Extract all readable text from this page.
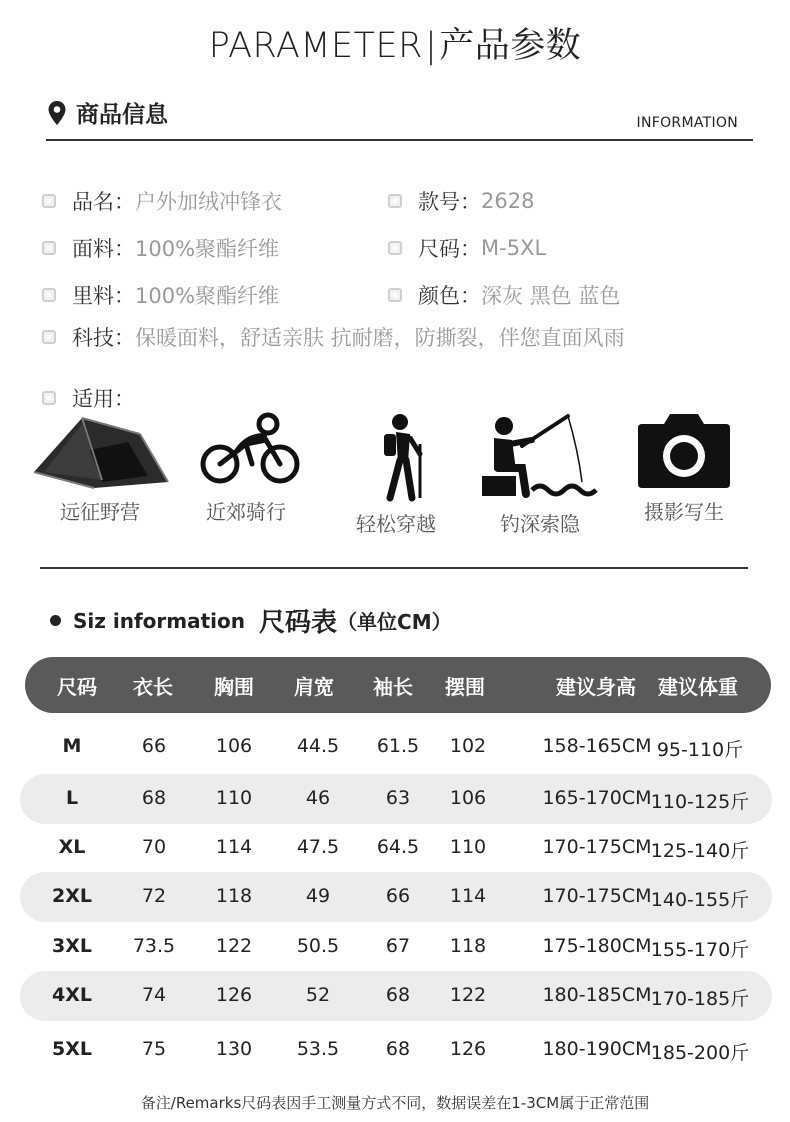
PARAMETER|产品参数
商品信息	INFORMATION
品名： 户外加绒冲锋衣	款号： 2628
面料： 100%聚酯纤维	尺码： M-5XL
里料： 100%聚酯纤维	颜色： 深灰 黑色 蓝色
科技： 保暖面料，舒适亲肤 抗耐磨，防撕裂，伴您直面风雨
适用：
远征野营	近郊骑行	轻松穿越	钓深索隐	摄影写生
Siz information 尺码表 （单位CM）
尺码	衣长	胸围	肩宽	袖长	摆围	建议身高	建议体重
M	66	106	44.5	61.5	102	158-165CM 95-110斤
L	68	110	46	63	106	165-170CM 110-125斤
XL	70	114	47.5	64.5	110	170-175CM 125-140斤
2XL	72	118	49	66	114	170-175CM 140-155斤
3XL	73.5	122	50.5	67	118	175-180CM 155-170斤
4XL	74	126	52	68	122	180-185CM 170-185斤
5XL	75	130	53.5	68	126	180-190CM 185-200斤
备注/Remarks尺码表因手工测量方式不同，数据误差在1-3CM属于正常范围
